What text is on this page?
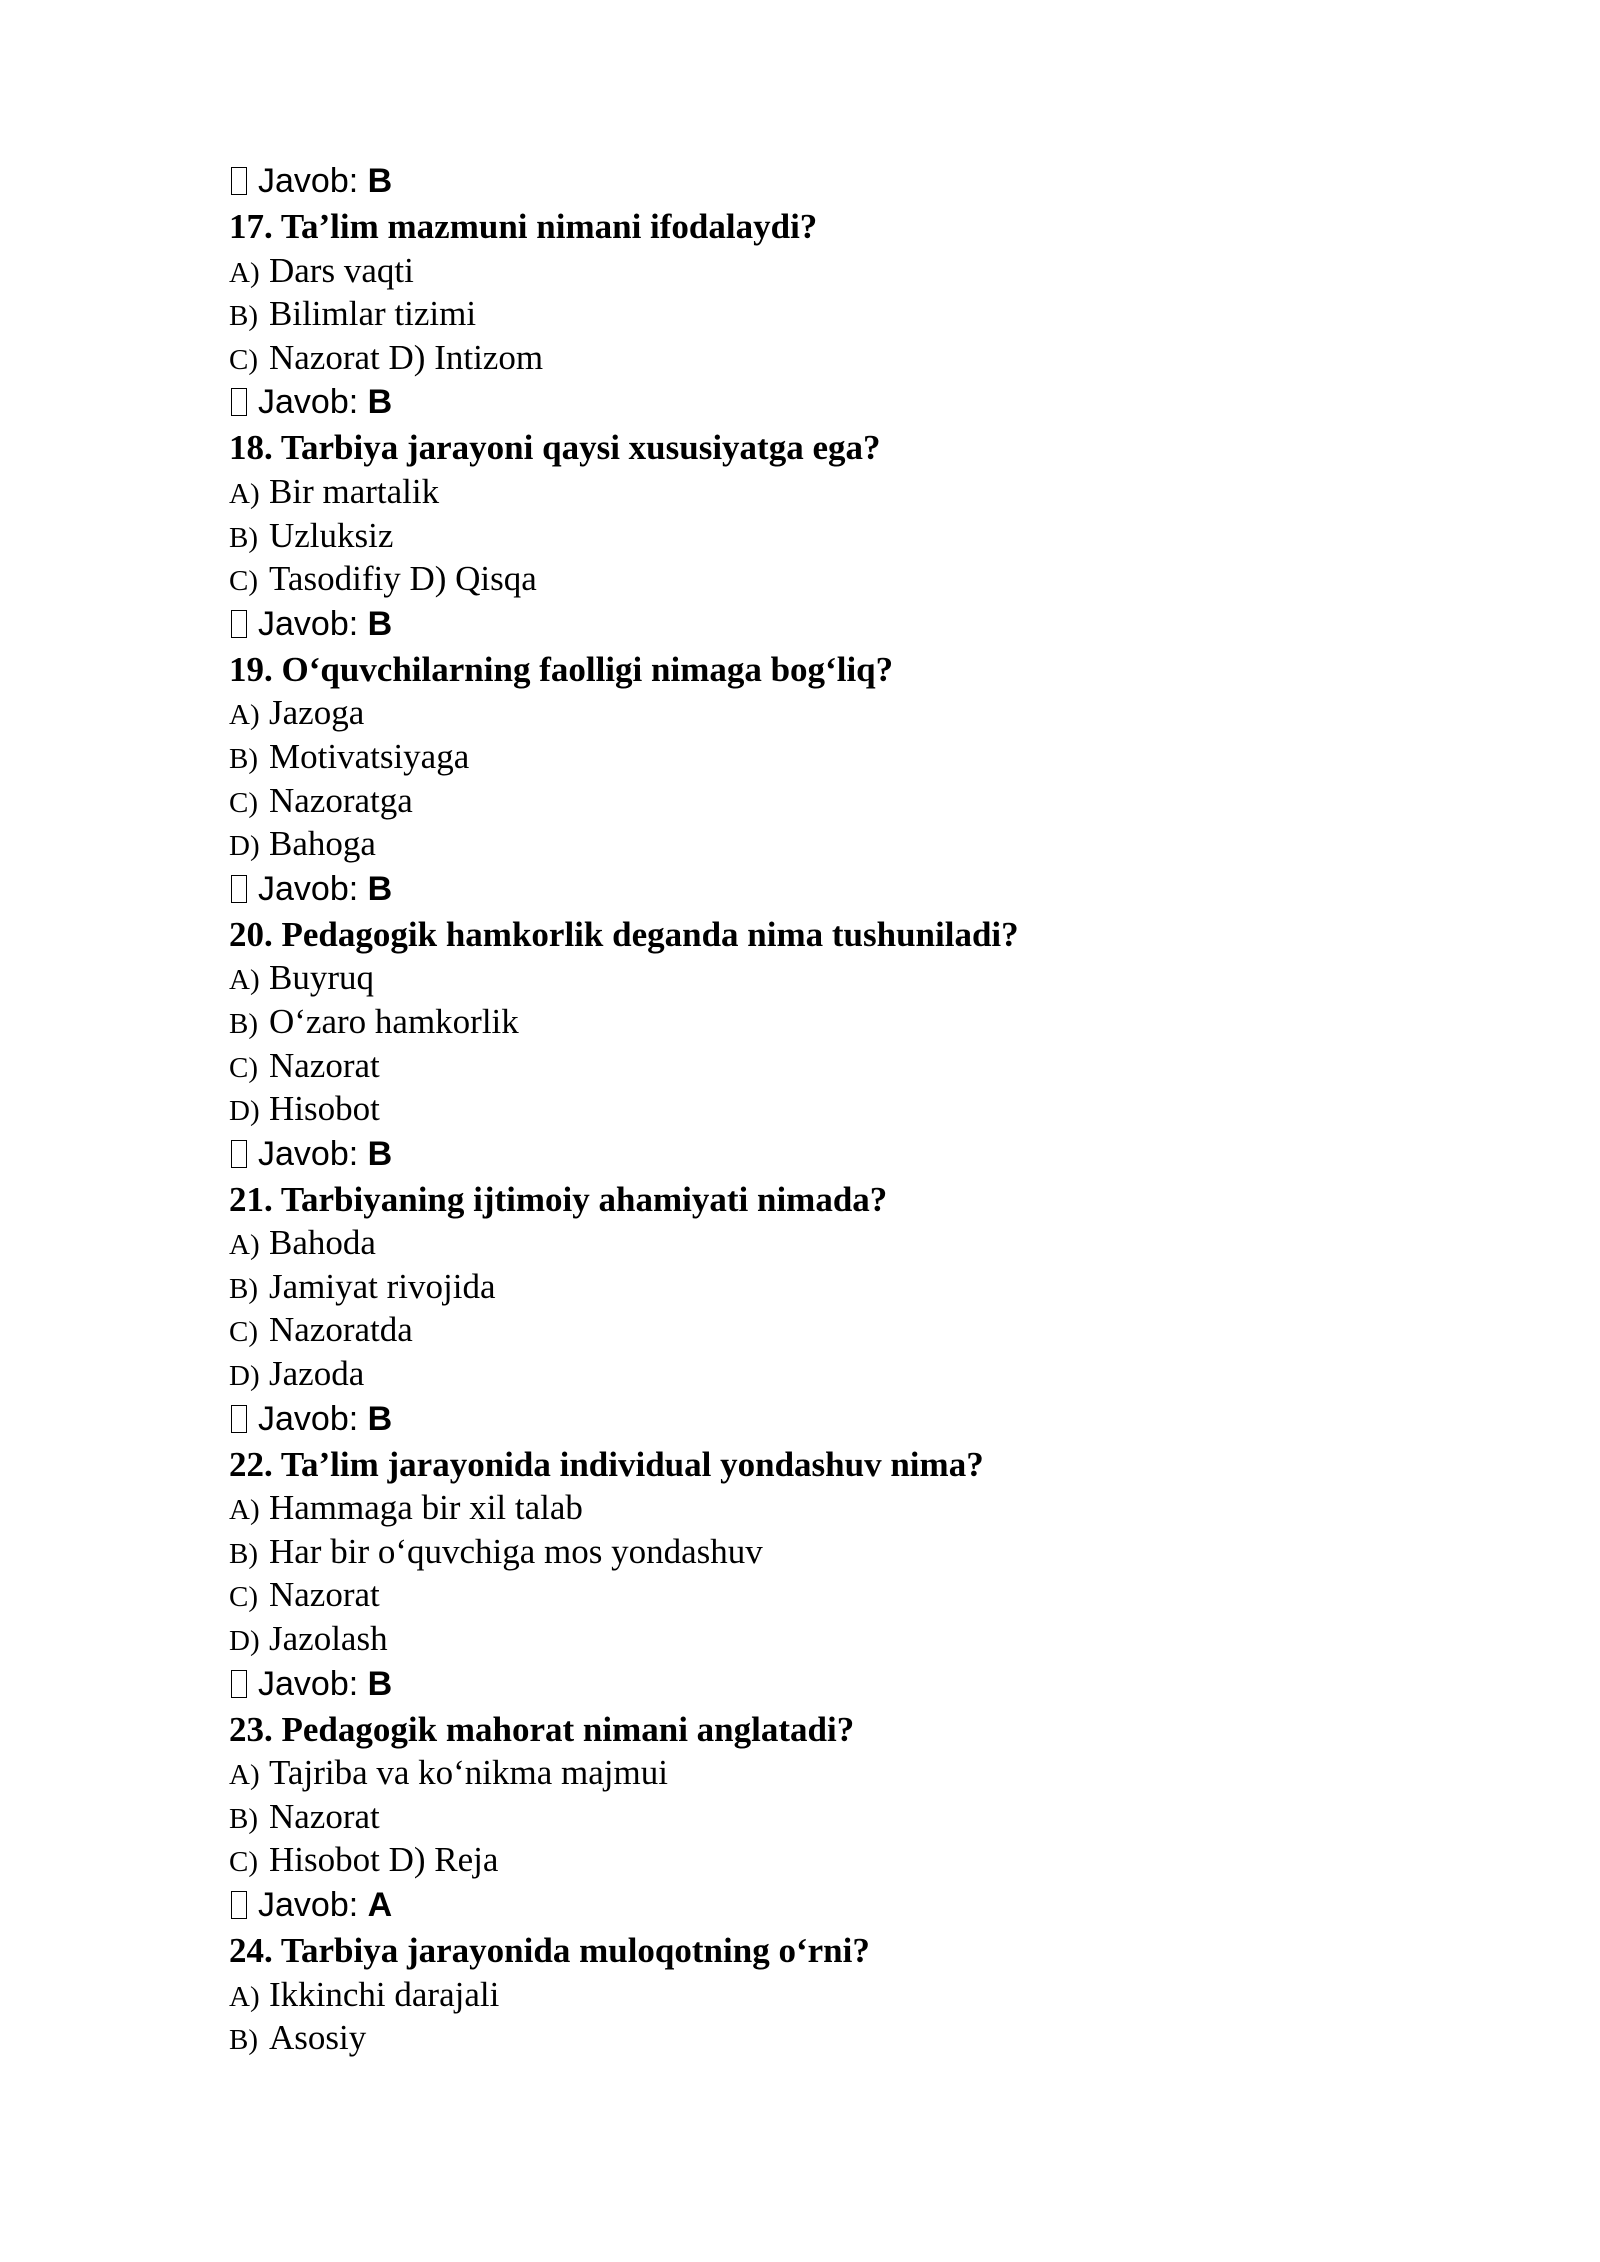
Javob: B
17. Ta’lim mazmuni nimani ifodalaydi?
A) Dars vaqti
B) Bilimlar tizimi
C) Nazorat D) Intizom
Javob: B
18. Tarbiya jarayoni qaysi xususiyatga ega?
A) Bir martalik
B) Uzluksiz
C) Tasodifiy D) Qisqa
Javob: B
19. O‘quvchilarning faolligi nimaga bog‘liq?
A) Jazoga
B) Motivatsiyaga
C) Nazoratga
D) Bahoga
Javob: B
20. Pedagogik hamkorlik deganda nima tushuniladi?
A) Buyruq
B) O‘zaro hamkorlik
C) Nazorat
D) Hisobot
Javob: B
21. Tarbiyaning ijtimoiy ahamiyati nimada?
A) Bahoda
B) Jamiyat rivojida
C) Nazoratda
D) Jazoda
Javob: B
22. Ta’lim jarayonida individual yondashuv nima?
A) Hammaga bir xil talab
B) Har bir o‘quvchiga mos yondashuv
C) Nazorat
D) Jazolash
Javob: B
23. Pedagogik mahorat nimani anglatadi?
A) Tajriba va ko‘nikma majmui
B) Nazorat
C) Hisobot D) Reja
Javob: A
24. Tarbiya jarayonida muloqotning o‘rni?
A) Ikkinchi darajali
B) Asosiy
